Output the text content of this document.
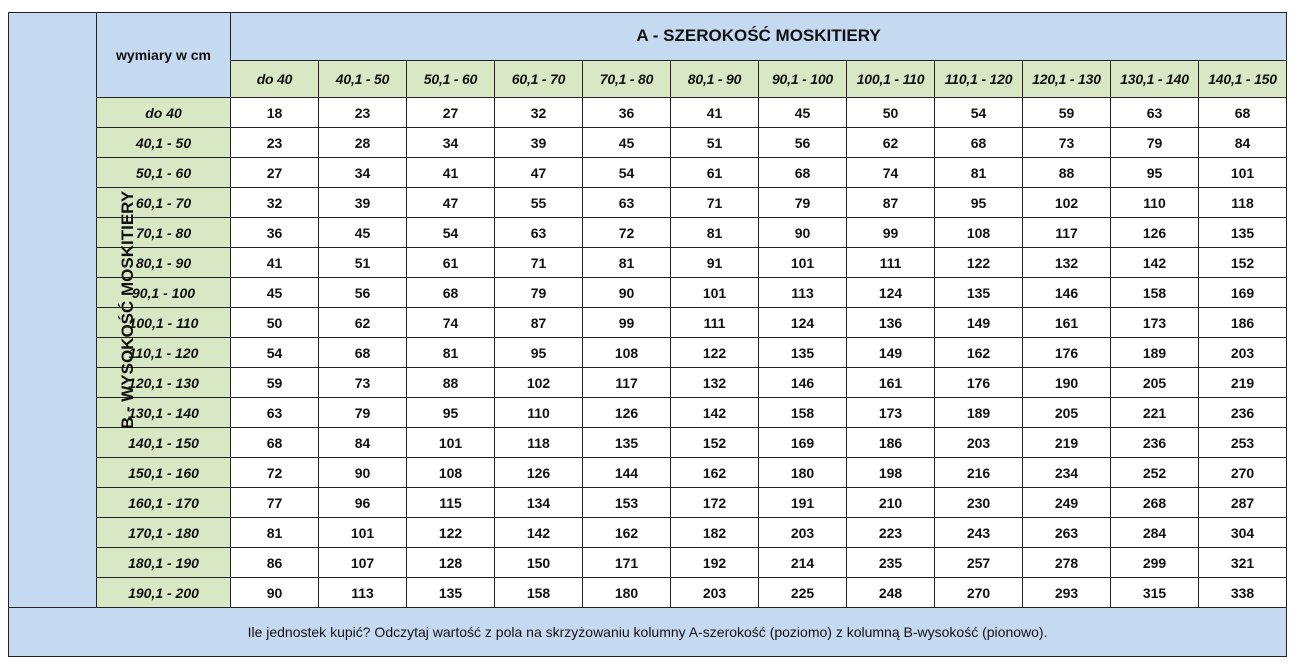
B - WYSOKOŚĆ MOSKITIERY	wymiary w cm	A - SZEROKOŚĆ MOSKITIERY											
		do 40	40,1 - 50	50,1 - 60	60,1 - 70	70,1 - 80	80,1 - 90	90,1 - 100	100,1 - 110	110,1 - 120	120,1 - 130	130,1 - 140	140,1 - 150
	do 40	18	23	27	32	36	41	45	50	54	59	63	68
	40,1 - 50	23	28	34	39	45	51	56	62	68	73	79	84
	50,1 - 60	27	34	41	47	54	61	68	74	81	88	95	101
	60,1 - 70	32	39	47	55	63	71	79	87	95	102	110	118
	70,1 - 80	36	45	54	63	72	81	90	99	108	117	126	135
	80,1 - 90	41	51	61	71	81	91	101	111	122	132	142	152
	90,1 - 100	45	56	68	79	90	101	113	124	135	146	158	169
	100,1 - 110	50	62	74	87	99	111	124	136	149	161	173	186
	110,1 - 120	54	68	81	95	108	122	135	149	162	176	189	203
	120,1 - 130	59	73	88	102	117	132	146	161	176	190	205	219
	130,1 - 140	63	79	95	110	126	142	158	173	189	205	221	236
	140,1 - 150	68	84	101	118	135	152	169	186	203	219	236	253
	150,1 - 160	72	90	108	126	144	162	180	198	216	234	252	270
	160,1 - 170	77	96	115	134	153	172	191	210	230	249	268	287
	170,1 - 180	81	101	122	142	162	182	203	223	243	263	284	304
	180,1 - 190	86	107	128	150	171	192	214	235	257	278	299	321
	190,1 - 200	90	113	135	158	180	203	225	248	270	293	315	338
Ile jednostek kupić? Odczytaj wartość z pola na skrzyżowaniu kolumny A-szerokość (poziomo) z kolumną B-wysokość (pionowo).													
